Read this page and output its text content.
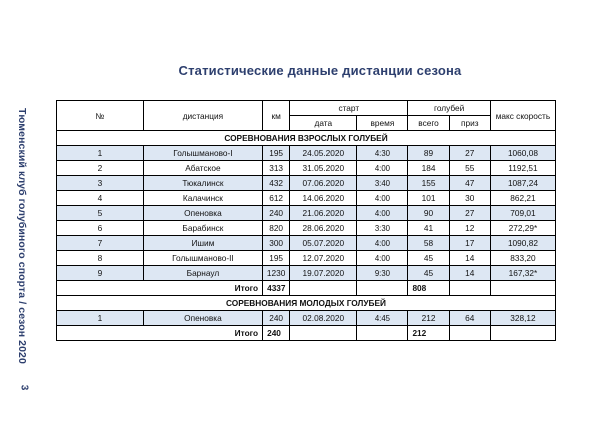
Тюменский клуб голубиного спорта / сезон 2020
3
Статистические данные дистанции сезона
№	дистанция	км	старт		голубей		макс скорость
			дата	время	всего	приз	
СОРЕВНОВАНИЯ ВЗРОСЛЫХ ГОЛУБЕЙ							
1	Голышманово-I	195	24.05.2020	4:30	89	27	1060,08
2	Абатское	313	31.05.2020	4:00	184	55	1192,51
3	Тюкалинск	432	07.06.2020	3:40	155	47	1087,24
4	Калачинск	612	14.06.2020	4:00	101	30	862,21
5	Опеновка	240	21.06.2020	4:00	90	27	709,01
6	Барабинск	820	28.06.2020	3:30	41	12	272,29*
7	Ишим	300	05.07.2020	4:00	58	17	1090,82
8	Голышманово-II	195	12.07.2020	4:00	45	14	833,20
9	Барнаул	1230	19.07.2020	9:30	45	14	167,32*
Итого		4337			808		
СОРЕВНОВАНИЯ МОЛОДЫХ ГОЛУБЕЙ							
1	Опеновка	240	02.08.2020	4:45	212	64	328,12
Итого		240			212		
